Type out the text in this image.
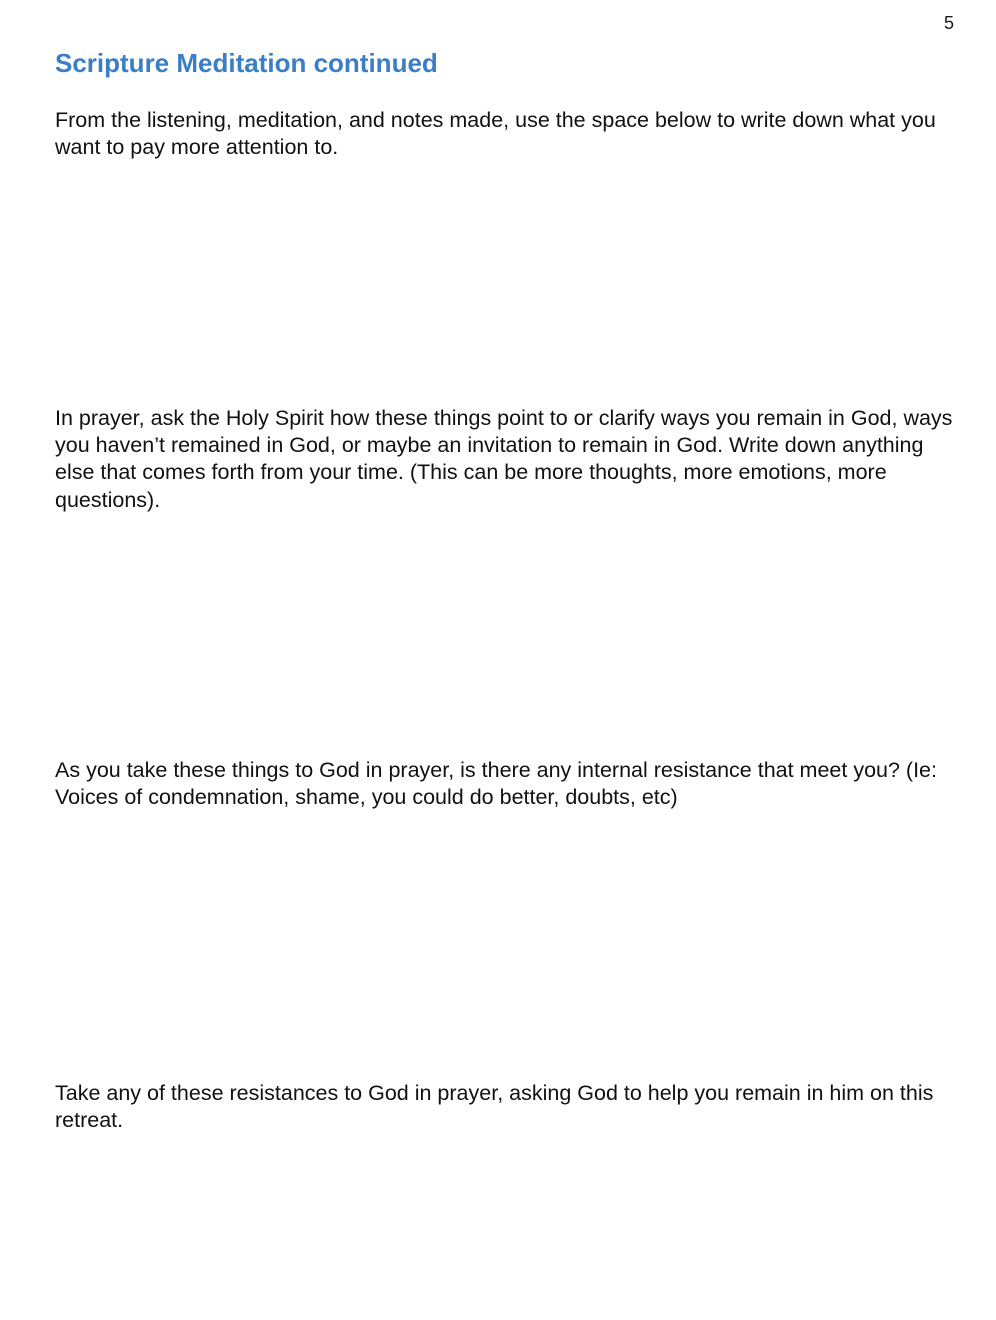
5
Scripture Meditation continued

From the listening, meditation, and notes made, use the space below to write down what you want to pay more attention to.

In prayer, ask the Holy Spirit how these things point to or clarify ways you remain in God, ways you haven’t remained in God, or maybe an invitation to remain in God. Write down anything else that comes forth from your time. (This can be more thoughts, more emotions, more questions).

As you take these things to God in prayer, is there any internal resistance that meet you? (Ie: Voices of condemnation, shame, you could do better, doubts, etc)

Take any of these resistances to God in prayer, asking God to help you remain in him on this retreat.
